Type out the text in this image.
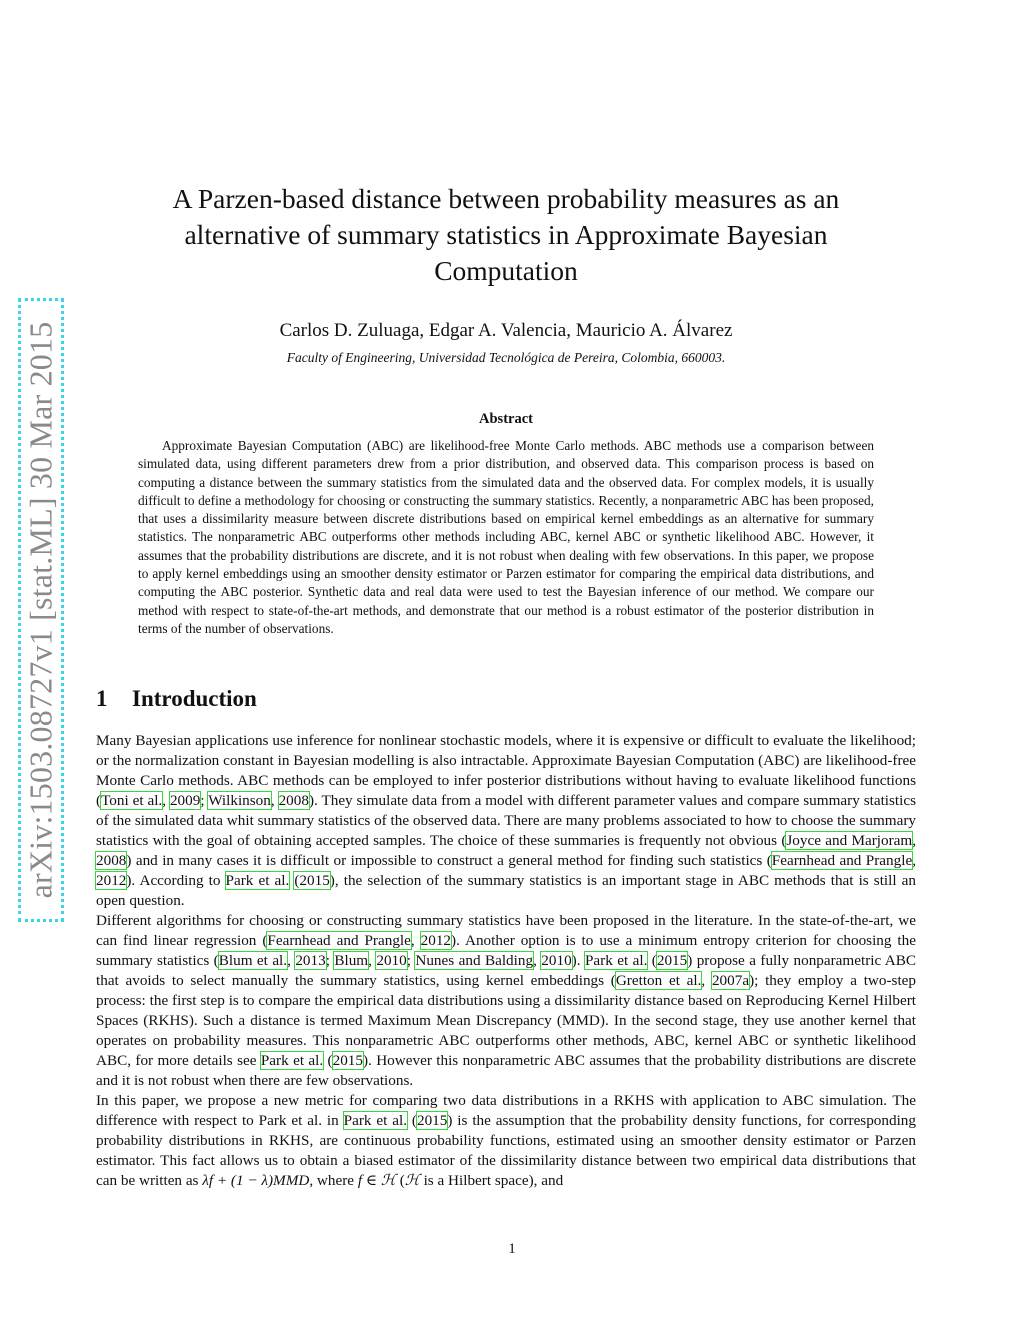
arXiv:1503.08727v1 [stat.ML] 30 Mar 2015
A Parzen-based distance between probability measures as an alternative of summary statistics in Approximate Bayesian Computation
Carlos D. Zuluaga, Edgar A. Valencia, Mauricio A. Álvarez
Faculty of Engineering, Universidad Tecnológica de Pereira, Colombia, 660003.
Abstract
Approximate Bayesian Computation (ABC) are likelihood-free Monte Carlo methods. ABC methods use a comparison between simulated data, using different parameters drew from a prior distribution, and observed data. This comparison process is based on computing a distance between the summary statistics from the simulated data and the observed data. For complex models, it is usually difficult to define a methodology for choosing or constructing the summary statistics. Recently, a nonparametric ABC has been proposed, that uses a dissimilarity measure between discrete distributions based on empirical kernel embeddings as an alternative for summary statistics. The nonparametric ABC outperforms other methods including ABC, kernel ABC or synthetic likelihood ABC. However, it assumes that the probability distributions are discrete, and it is not robust when dealing with few observations. In this paper, we propose to apply kernel embeddings using an smoother density estimator or Parzen estimator for comparing the empirical data distributions, and computing the ABC posterior. Synthetic data and real data were used to test the Bayesian inference of our method. We compare our method with respect to state-of-the-art methods, and demonstrate that our method is a robust estimator of the posterior distribution in terms of the number of observations.
1 Introduction

Many Bayesian applications use inference for nonlinear stochastic models, where it is expensive or difficult to evaluate the likelihood; or the normalization constant in Bayesian modelling is also intractable. Approximate Bayesian Computation (ABC) are likelihood-free Monte Carlo methods. ABC methods can be employed to infer posterior distributions without having to evaluate likelihood functions (Toni et al., 2009; Wilkinson, 2008). They simulate data from a model with different parameter values and compare summary statistics of the simulated data whit summary statistics of the observed data. There are many problems associated to how to choose the summary statistics with the goal of obtaining accepted samples. The choice of these summaries is frequently not obvious (Joyce and Marjoram, 2008) and in many cases it is difficult or impossible to construct a general method for finding such statistics (Fearnhead and Prangle, 2012). According to Park et al. (2015), the selection of the summary statistics is an important stage in ABC methods that is still an open question.

Different algorithms for choosing or constructing summary statistics have been proposed in the literature. In the state-of-the-art, we can find linear regression (Fearnhead and Prangle, 2012). Another option is to use a minimum entropy criterion for choosing the summary statistics (Blum et al., 2013; Blum, 2010; Nunes and Balding, 2010). Park et al. (2015) propose a fully nonparametric ABC that avoids to select manually the summary statistics, using kernel embeddings (Gretton et al., 2007a); they employ a two-step process: the first step is to compare the empirical data distributions using a dissimilarity distance based on Reproducing Kernel Hilbert Spaces (RKHS). Such a distance is termed Maximum Mean Discrepancy (MMD). In the second stage, they use another kernel that operates on probability measures. This nonparametric ABC outperforms other methods, ABC, kernel ABC or synthetic likelihood ABC, for more details see Park et al. (2015). However this nonparametric ABC assumes that the probability distributions are discrete and it is not robust when there are few observations.

In this paper, we propose a new metric for comparing two data distributions in a RKHS with application to ABC simulation. The difference with respect to Park et al. in Park et al. (2015) is the assumption that the probability density functions, for corresponding probability distributions in RKHS, are continuous probability functions, estimated using an smoother density estimator or Parzen estimator. This fact allows us to obtain a biased estimator of the dissimilarity distance between two empirical data distributions that can be written as λf + (1 − λ)MMD, where f ∈ ℋ (ℋ is a Hilbert space), and

1
